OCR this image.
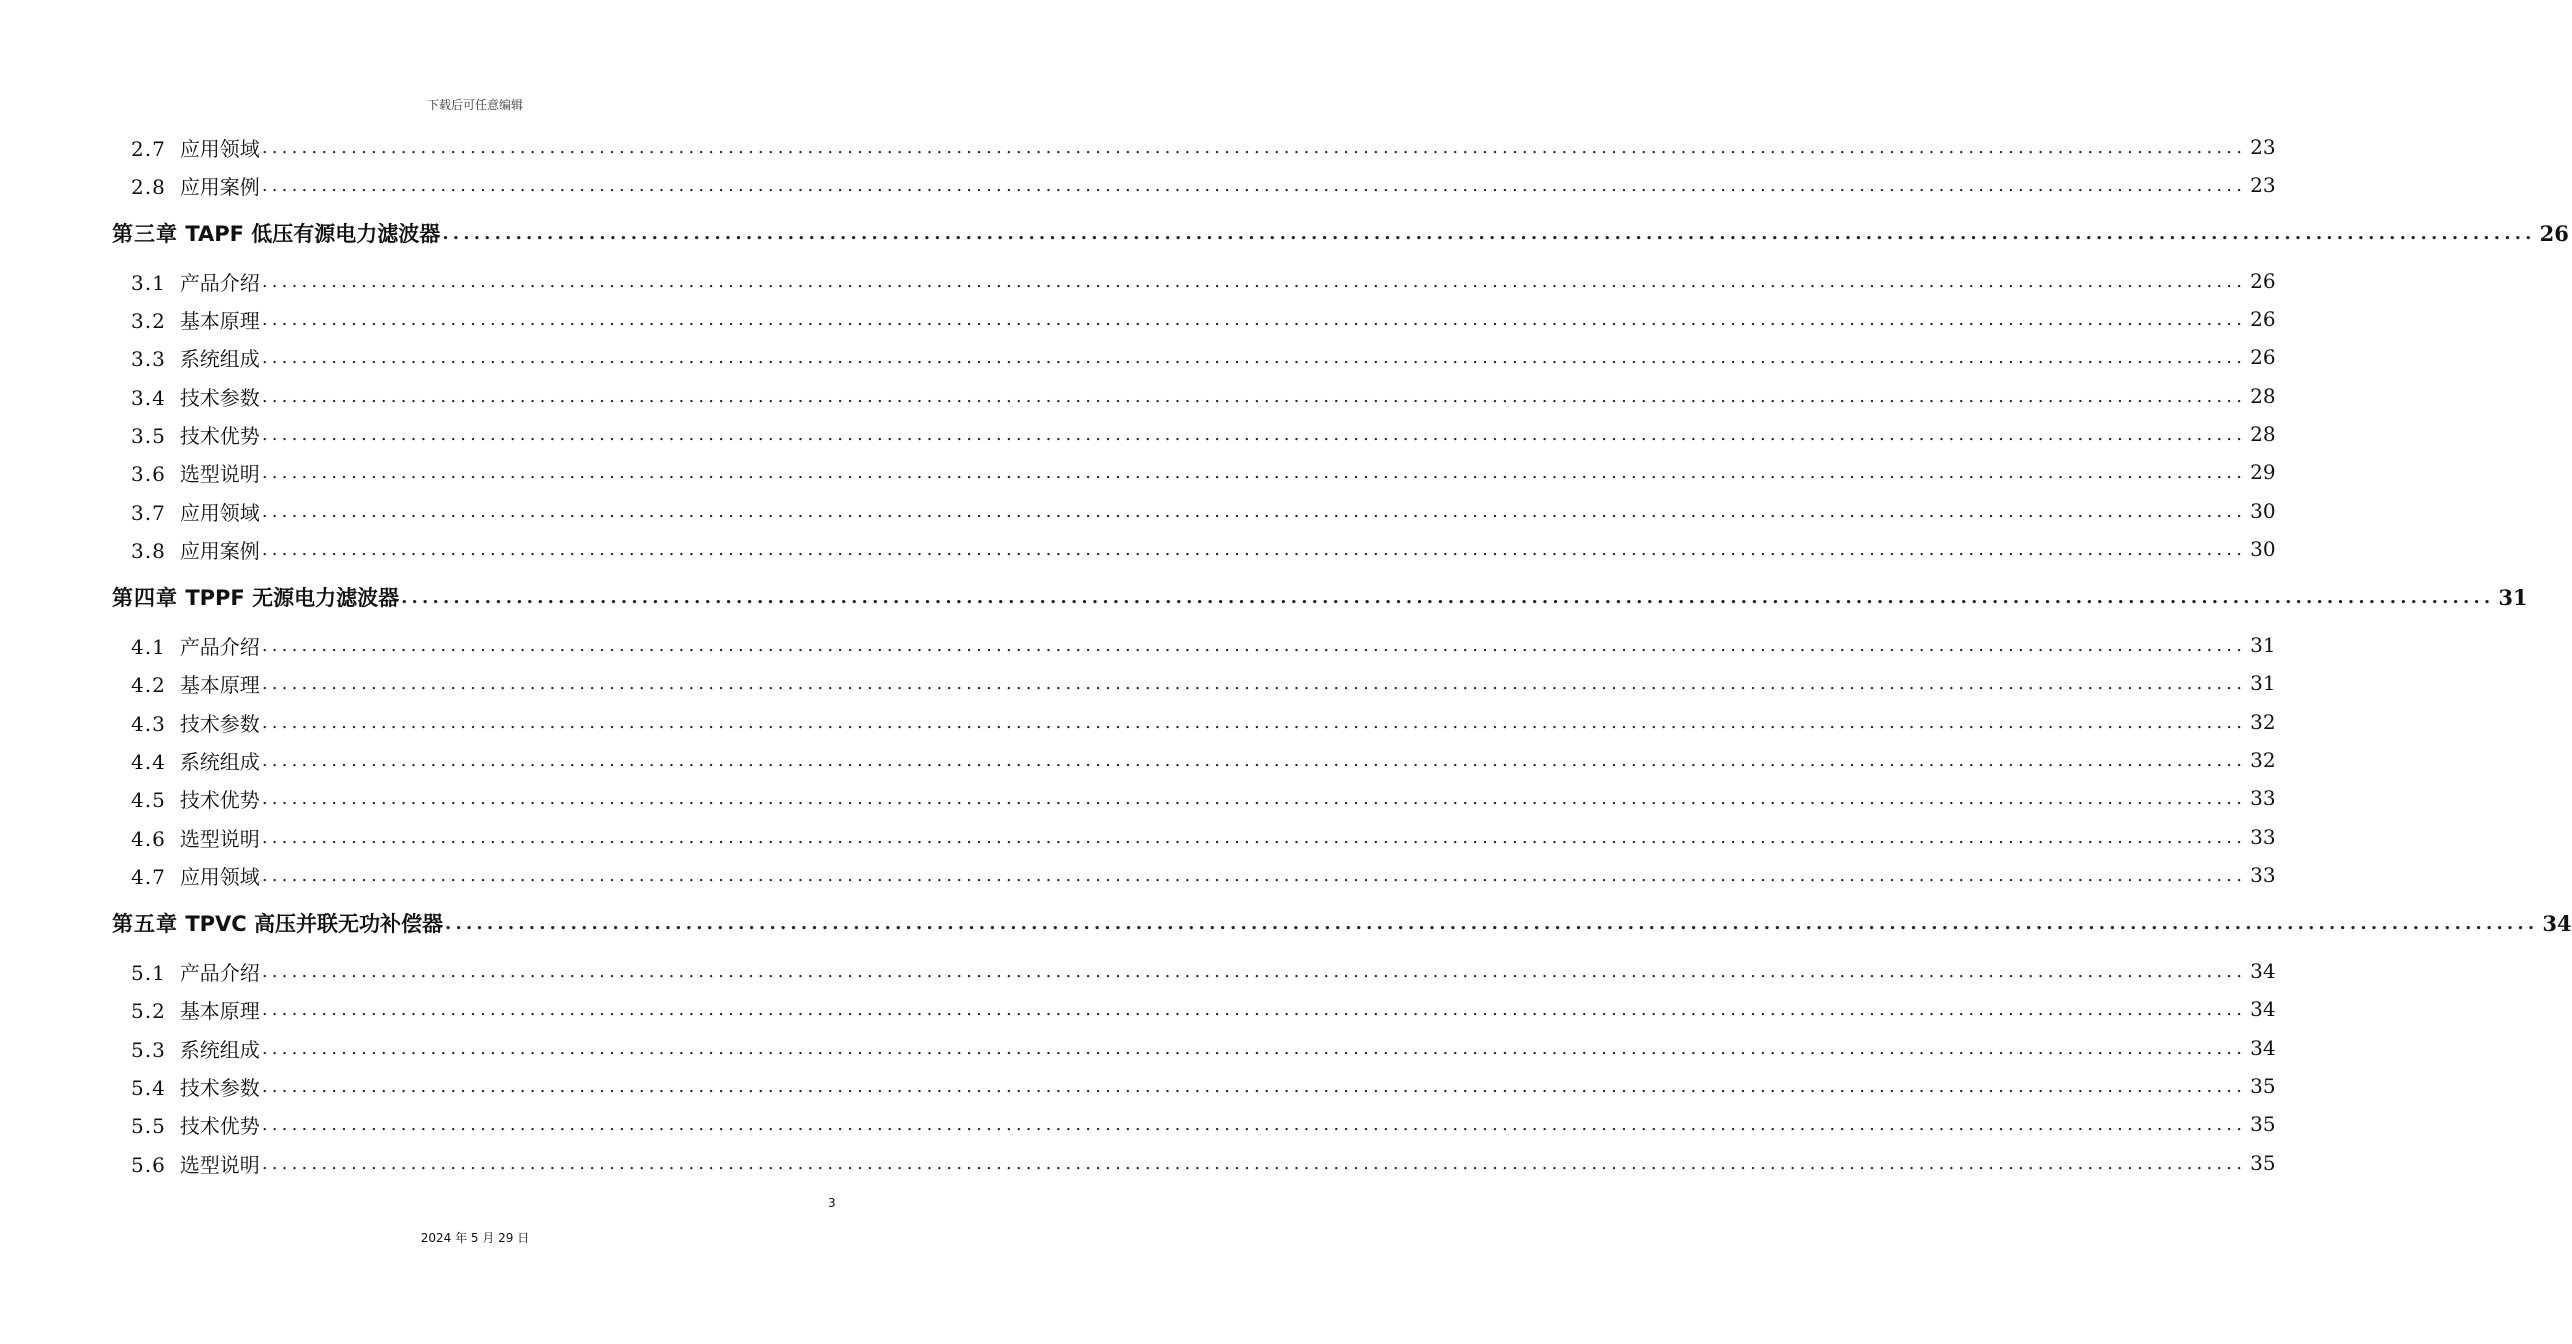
下载后可任意编辑
2.7 应用领域 ........................................................................................................................................................................................................ 23
2.8 应用案例 ........................................................................................................................................................................................................ 23
第三章 TAPF 低压有源电力滤波器 ........................................................................................................................................................................................................ 26
3.1 产品介绍 ........................................................................................................................................................................................................ 26
3.2 基本原理 ........................................................................................................................................................................................................ 26
3.3 系统组成 ........................................................................................................................................................................................................ 26
3.4 技术参数 ........................................................................................................................................................................................................ 28
3.5 技术优势 ........................................................................................................................................................................................................ 28
3.6 选型说明 ........................................................................................................................................................................................................ 29
3.7 应用领域 ........................................................................................................................................................................................................ 30
3.8 应用案例 ........................................................................................................................................................................................................ 30
第四章 TPPF 无源电力滤波器 ........................................................................................................................................................................................................ 31
4.1 产品介绍 ........................................................................................................................................................................................................ 31
4.2 基本原理 ........................................................................................................................................................................................................ 31
4.3 技术参数 ........................................................................................................................................................................................................ 32
4.4 系统组成 ........................................................................................................................................................................................................ 32
4.5 技术优势 ........................................................................................................................................................................................................ 33
4.6 选型说明 ........................................................................................................................................................................................................ 33
4.7 应用领域 ........................................................................................................................................................................................................ 33
第五章 TPVC 高压并联无功补偿器 ........................................................................................................................................................................................................ 34
5.1 产品介绍 ........................................................................................................................................................................................................ 34
5.2 基本原理 ........................................................................................................................................................................................................ 34
5.3 系统组成 ........................................................................................................................................................................................................ 34
5.4 技术参数 ........................................................................................................................................................................................................ 35
5.5 技术优势 ........................................................................................................................................................................................................ 35
5.6 选型说明 ........................................................................................................................................................................................................ 35
3
2024 年 5 月 29 日
